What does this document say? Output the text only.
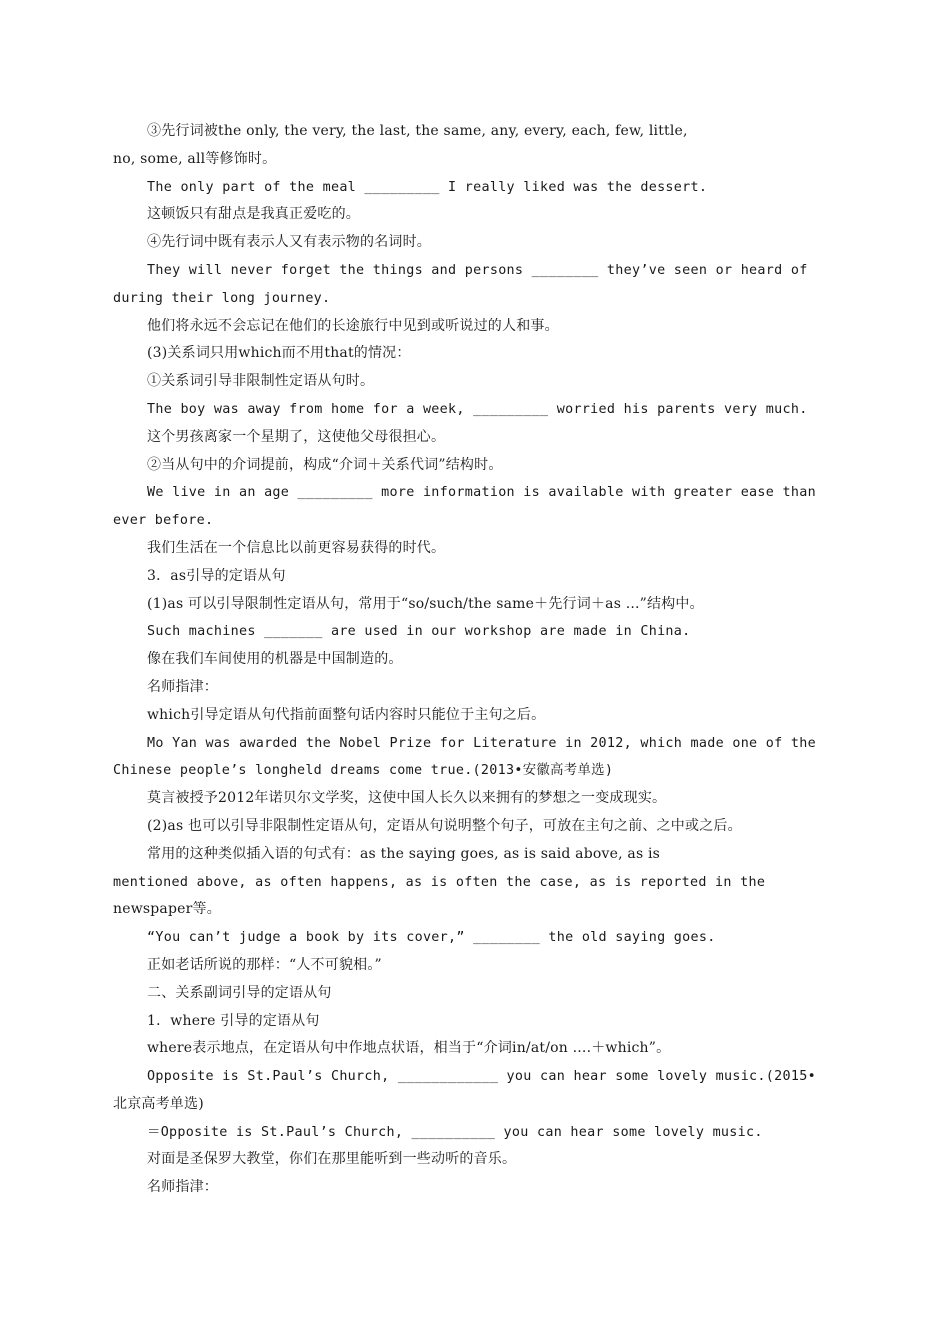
③先行词被the only, the very, the last, the same, any, every, each, few, little,

no, some, all等修饰时。

The only part of the meal _________ I really liked was the dessert.

这顿饭只有甜点是我真正爱吃的。

④先行词中既有表示人又有表示物的名词时。

They will never forget the things and persons ________ they’ve seen or heard of

during their long journey.

他们将永远不会忘记在他们的长途旅行中见到或听说过的人和事。

(3)关系词只用which而不用that的情况：

①关系词引导非限制性定语从句时。

The boy was away from home for a week, _________ worried his parents very much.

这个男孩离家一个星期了，这使他父母很担心。

②当从句中的介词提前，构成“介词＋关系代词”结构时。

We live in an age _________ more information is available with greater ease than

ever before.

我们生活在一个信息比以前更容易获得的时代。

3．as引导的定语从句

(1)as 可以引导限制性定语从句，常用于“so/such/the same＋先行词＋as ...”结构中。

Such machines _______ are used in our workshop are made in China.

像在我们车间使用的机器是中国制造的。

名师指津：

which引导定语从句代指前面整句话内容时只能位于主句之后。

Mo Yan was awarded the Nobel Prize for Literature in 2012, which made one of the

Chinese people’s longheld dreams come true.(2013•安徽高考单选)

莫言被授予2012年诺贝尔文学奖，这使中国人长久以来拥有的梦想之一变成现实。

(2)as 也可以引导非限制性定语从句，定语从句说明整个句子，可放在主句之前、之中或之后。

常用的这种类似插入语的句式有：as the saying goes, as is said above, as is

mentioned above, as often happens, as is often the case, as is reported in the

newspaper等。

“You can’t judge a book by its cover,” ________ the old saying goes.

正如老话所说的那样：“人不可貌相。”

二、关系副词引导的定语从句

1．where 引导的定语从句

where表示地点，在定语从句中作地点状语，相当于“介词in/at/on ....＋which”。

Opposite is St.Paul’s Church, ____________ you can hear some lovely music.(2015•

北京高考单选)

＝Opposite is St.Paul’s Church, __________ you can hear some lovely music.

对面是圣保罗大教堂，你们在那里能听到一些动听的音乐。

名师指津：
